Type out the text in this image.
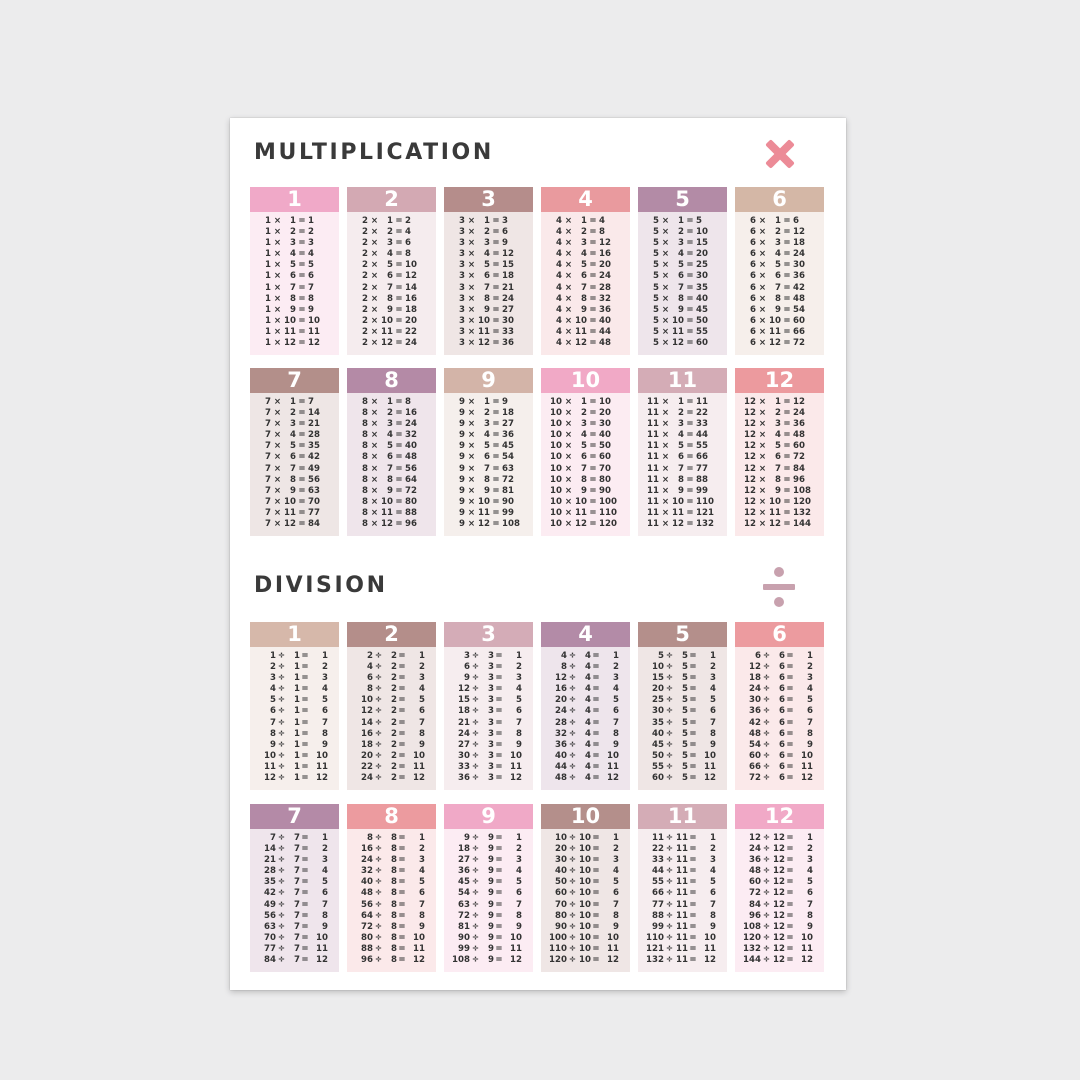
MULTIPLICATION
DIVISION
1
1 ×	1 = 1
1 ×	2 = 2
1 ×	3 = 3
1 ×	4 = 4
1 ×	5 = 5
1 ×	6 = 6
1 ×	7 = 7
1 ×	8 = 8
1 ×	9 = 9
1 × 10 = 10
1 × 11 = 11
1 × 12 = 12
2
2 ×	1 = 2
2 ×	2 = 4
2 ×	3 = 6
2 ×	4 = 8
2 ×	5 = 10
2 ×	6 = 12
2 ×	7 = 14
2 ×	8 = 16
2 ×	9 = 18
2 × 10 = 20
2 × 11 = 22
2 × 12 = 24
3
3 ×	1 = 3
3 ×	2 = 6
3 ×	3 = 9
3 ×	4 = 12
3 ×	5 = 15
3 ×	6 = 18
3 ×	7 = 21
3 ×	8 = 24
3 ×	9 = 27
3 × 10 = 30
3 × 11 = 33
3 × 12 = 36
4
4 ×	1 = 4
4 ×	2 = 8
4 ×	3 = 12
4 ×	4 = 16
4 ×	5 = 20
4 ×	6 = 24
4 ×	7 = 28
4 ×	8 = 32
4 ×	9 = 36
4 × 10 = 40
4 × 11 = 44
4 × 12 = 48
5
5 ×	1 = 5
5 ×	2 = 10
5 ×	3 = 15
5 ×	4 = 20
5 ×	5 = 25
5 ×	6 = 30
5 ×	7 = 35
5 ×	8 = 40
5 ×	9 = 45
5 × 10 = 50
5 × 11 = 55
5 × 12 = 60
6
6 ×	1 = 6
6 ×	2 = 12
6 ×	3 = 18
6 ×	4 = 24
6 ×	5 = 30
6 ×	6 = 36
6 ×	7 = 42
6 ×	8 = 48
6 ×	9 = 54
6 × 10 = 60
6 × 11 = 66
6 × 12 = 72
7
7 ×	1 = 7
7 ×	2 = 14
7 ×	3 = 21
7 ×	4 = 28
7 ×	5 = 35
7 ×	6 = 42
7 ×	7 = 49
7 ×	8 = 56
7 ×	9 = 63
7 × 10 = 70
7 × 11 = 77
7 × 12 = 84
8
8 ×	1 = 8
8 ×	2 = 16
8 ×	3 = 24
8 ×	4 = 32
8 ×	5 = 40
8 ×	6 = 48
8 ×	7 = 56
8 ×	8 = 64
8 ×	9 = 72
8 × 10 = 80
8 × 11 = 88
8 × 12 = 96
9
9 ×	1 = 9
9 ×	2 = 18
9 ×	3 = 27
9 ×	4 = 36
9 ×	5 = 45
9 ×	6 = 54
9 ×	7 = 63
9 ×	8 = 72
9 ×	9 = 81
9 × 10 = 90
9 × 11 = 99
9 × 12 = 108
10
10 ×	1 = 10
10 ×	2 = 20
10 ×	3 = 30
10 ×	4 = 40
10 ×	5 = 50
10 ×	6 = 60
10 ×	7 = 70
10 ×	8 = 80
10 ×	9 = 90
10 × 10 = 100
10 × 11 = 110
10 × 12 = 120
11
11 ×	1 = 11
11 ×	2 = 22
11 ×	3 = 33
11 ×	4 = 44
11 ×	5 = 55
11 ×	6 = 66
11 ×	7 = 77
11 ×	8 = 88
11 ×	9 = 99
11 × 10 = 110
11 × 11 = 121
11 × 12 = 132
12
12 ×	1 = 12
12 ×	2 = 24
12 ×	3 = 36
12 ×	4 = 48
12 ×	5 = 60
12 ×	6 = 72
12 ×	7 = 84
12 ×	8 = 96
12 ×	9 = 108
12 × 10 = 120
12 × 11 = 132
12 × 12 = 144
1
1 ÷	1 =	1
2 ÷	1 =	2
3 ÷	1 =	3
4 ÷	1 =	4
5 ÷	1 =	5
6 ÷	1 =	6
7 ÷	1 =	7
8 ÷	1 =	8
9 ÷	1 =	9
10 ÷	1 = 10
11 ÷	1 = 11
12 ÷	1 = 12
2
2 ÷	2 =	1
4 ÷	2 =	2
6 ÷	2 =	3
8 ÷	2 =	4
10 ÷	2 =	5
12 ÷	2 =	6
14 ÷	2 =	7
16 ÷	2 =	8
18 ÷	2 =	9
20 ÷	2 = 10
22 ÷	2 = 11
24 ÷	2 = 12
3
3 ÷	3 =	1
6 ÷	3 =	2
9 ÷	3 =	3
12 ÷	3 =	4
15 ÷	3 =	5
18 ÷	3 =	6
21 ÷	3 =	7
24 ÷	3 =	8
27 ÷	3 =	9
30 ÷	3 = 10
33 ÷	3 = 11
36 ÷	3 = 12
4
4 ÷	4 =	1
8 ÷	4 =	2
12 ÷	4 =	3
16 ÷	4 =	4
20 ÷	4 =	5
24 ÷	4 =	6
28 ÷	4 =	7
32 ÷	4 =	8
36 ÷	4 =	9
40 ÷	4 = 10
44 ÷	4 = 11
48 ÷	4 = 12
5
5 ÷	5 =	1
10 ÷	5 =	2
15 ÷	5 =	3
20 ÷	5 =	4
25 ÷	5 =	5
30 ÷	5 =	6
35 ÷	5 =	7
40 ÷	5 =	8
45 ÷	5 =	9
50 ÷	5 = 10
55 ÷	5 = 11
60 ÷	5 = 12
6
6 ÷	6 =	1
12 ÷	6 =	2
18 ÷	6 =	3
24 ÷	6 =	4
30 ÷	6 =	5
36 ÷	6 =	6
42 ÷	6 =	7
48 ÷	6 =	8
54 ÷	6 =	9
60 ÷	6 = 10
66 ÷	6 = 11
72 ÷	6 = 12
7
7 ÷	7 =	1
14 ÷	7 =	2
21 ÷	7 =	3
28 ÷	7 =	4
35 ÷	7 =	5
42 ÷	7 =	6
49 ÷	7 =	7
56 ÷	7 =	8
63 ÷	7 =	9
70 ÷	7 = 10
77 ÷	7 = 11
84 ÷	7 = 12
8
8 ÷	8 =	1
16 ÷	8 =	2
24 ÷	8 =	3
32 ÷	8 =	4
40 ÷	8 =	5
48 ÷	8 =	6
56 ÷	8 =	7
64 ÷	8 =	8
72 ÷	8 =	9
80 ÷	8 = 10
88 ÷	8 = 11
96 ÷	8 = 12
9
9 ÷	9 =	1
18 ÷	9 =	2
27 ÷	9 =	3
36 ÷	9 =	4
45 ÷	9 =	5
54 ÷	9 =	6
63 ÷	9 =	7
72 ÷	9 =	8
81 ÷	9 =	9
90 ÷	9 = 10
99 ÷	9 = 11
108 ÷	9 = 12
10
10 ÷ 10 =	1
20 ÷ 10 =	2
30 ÷ 10 =	3
40 ÷ 10 =	4
50 ÷ 10 =	5
60 ÷ 10 =	6
70 ÷ 10 =	7
80 ÷ 10 =	8
90 ÷ 10 =	9
100 ÷ 10 = 10
110 ÷ 10 = 11
120 ÷ 10 = 12
11
11 ÷ 11 =	1
22 ÷ 11 =	2
33 ÷ 11 =	3
44 ÷ 11 =	4
55 ÷ 11 =	5
66 ÷ 11 =	6
77 ÷ 11 =	7
88 ÷ 11 =	8
99 ÷ 11 =	9
110 ÷ 11 = 10
121 ÷ 11 = 11
132 ÷ 11 = 12
12
12 ÷ 12 =	1
24 ÷ 12 =	2
36 ÷ 12 =	3
48 ÷ 12 =	4
60 ÷ 12 =	5
72 ÷ 12 =	6
84 ÷ 12 =	7
96 ÷ 12 =	8
108 ÷ 12 =	9
120 ÷ 12 = 10
132 ÷ 12 = 11
144 ÷ 12 = 12
